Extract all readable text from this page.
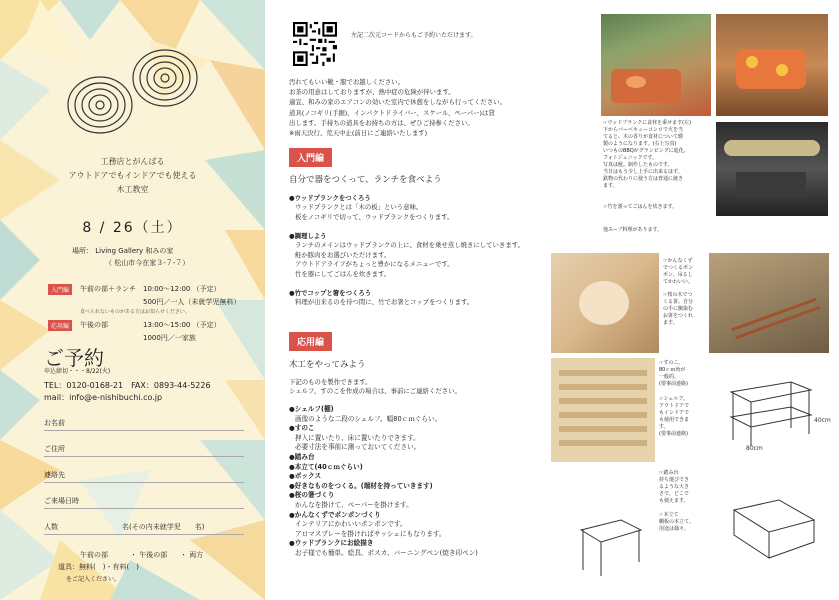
工務店とがんばる
アウトドアでもインドアでも使える
木工教室
8 / 26（土）
場所： Living Gallery 和みの家
（ 松山市今在家３-７-７）
入門編	午前の部＋ランチ 10:00～12:00 （予定）
500円／一人（未就学児無料）
食べられないものがある方はお知らせください。
応用編	午後の部	13:00～15:00 （予定）
1000円／一家族
ご予約
申込締切・・・8/22(火)
TEL：0120-0168-21　FAX：0893-44-5226
mail：info@e-nishibuchi.co.jp
お名前
ご住所
連絡先
ご来場日時
人数	名(その内未就学児　　名)
午前の部	・ 午後の部 ・ 両方
道具：無料(　)・有料(　)
をご記入ください。
左記二次元コードからもご予約いただけます。
汚れてもいい靴・服でお越しください。
お茶の用意はしておりますが、熱中症の危険が伴います。
適宜、和みの家のエアコンの効いた室内で休憩をしながら行ってください。
道具(ノコギリ(手鋸)、インパクトドライバー、スケール、ペーパー)は貸
出します。手持ちの道具をお持ちの方は、ぜひご持参ください。
※雨天決行、荒天中止(前日にご連絡いたします)
入門編
自分で器をつくって、ランチを食べよう
●ウッドプランクをつくろう
ウッドプランクとは「木の板」という意味。
板をノコギリで切って、ウッドプランクをつくります。
●調理しよう
ランチのメインはウッドプランクの上に、食材を乗せ蒸し焼きにしていきます。
鮭か豚肉をお選びいただけます。
アウトドアライフがちょっと豊かになるメニューです。
竹を器にしてごはんを炊きます。
●竹でコップと箸をつくろう
料理が出来るのを待つ間に、竹でお箸とコップをつくります。
応用編
木工をやってみよう
下記のものを製作できます。
シェルフ、すのこを作成の場合は、事前にご連絡ください。
●シェルフ(棚)
画像のような二段のシェルフ。幅80ｃｍぐらい。
●すのこ
押入に置いたり、床に置いたりできます。
必要寸法を事前に測っておいてください。
●踏み台
●本立て(40ｃｍぐらい)
●ボックス
●好きなものをつくる。(端材を持っていきます)
●桜の箸づくり
かんなを掛けて、ペーパーを掛けます。
●かんなくずでポンポンづくり
インテリアにかわいいポンポンです。
アロマスプレーを掛ければサッシェにもなります。
●ウッドプランクにお絵描き
お子様でも簡単。絵具、ポスカ、バーニングペン(焼き印ペン)
☞ウッドプランクに食材を乗せます(左)
下からバーベキューコンロで火を当
てると、木の香りが食材について燻
製のようになります。(右上写真)
いつものBBQがグランピングに進化。
フォトジェニックです。
写真は鮭。制作したものです。
当日はもう少し上手に出来るはず。
鉄物の代わりに使う方は普通に焼き
ます。
☞竹を割ってごはんを炊きます。
他スープ料理があります。
☞かんなくず
でつくるポン
ポン。吊るし
てかわいい。
☞桜の木でつ
くる箸。自分
の手に馴染む
お箸をつくれ
ます。
☞すのこ。
80ｃｍ角が
一般的。
(要事前連絡)
☞シェルフ。
アウトドアで
もインドアで
も使用できま
す。
(要事前連絡)
80cm
40cm
☞踏み台
持ち運びでき
るような大き
さで、どこで
も使えます。
☞本立て
棚板の本立て。
用途は様々。
